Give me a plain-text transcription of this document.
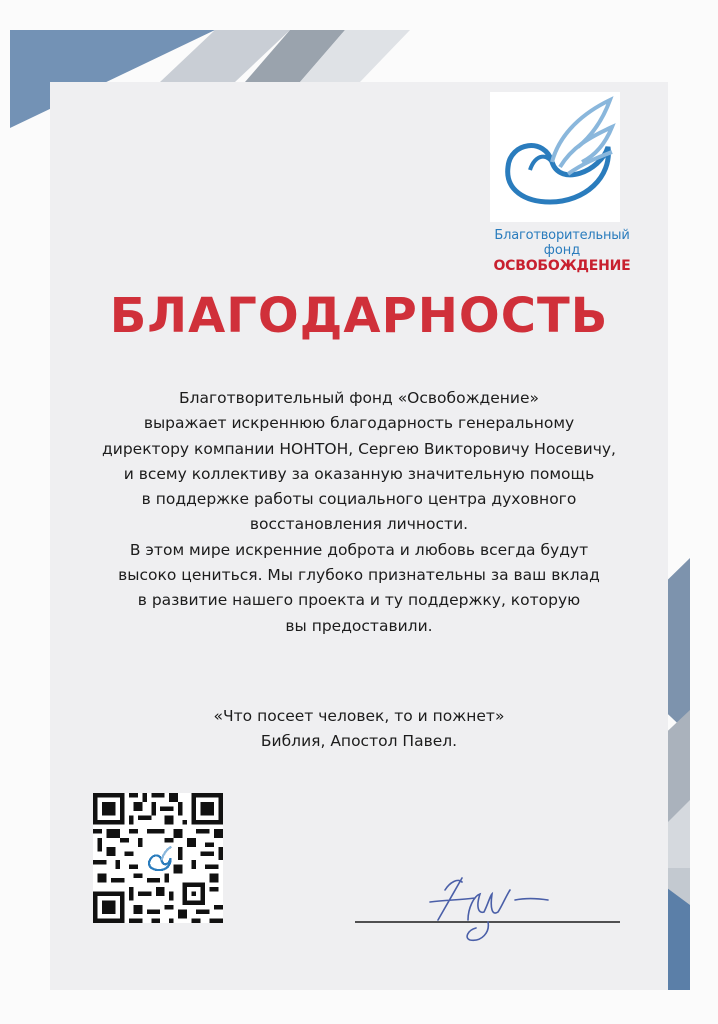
Благотворительный
фонд
ОСВОБОЖДЕНИЕ
БЛАГОДАРНОСТЬ
Благотворительный фонд «Освобождение»
выражает искреннюю благодарность генеральному
директору компании НОНТОН, Сергею Викторовичу Носевичу,
и всему коллективу за оказанную значительную помощь
в поддержке работы социального центра духовного
восстановления личности.
В этом мире искренние доброта и любовь всегда будут
высоко цениться. Мы глубоко признательны за ваш вклад
в развитие нашего проекта и ту поддержку, которую
вы предоставили.
«Что посеет человек, то и пожнет»
Библия, Апостол Павел.
